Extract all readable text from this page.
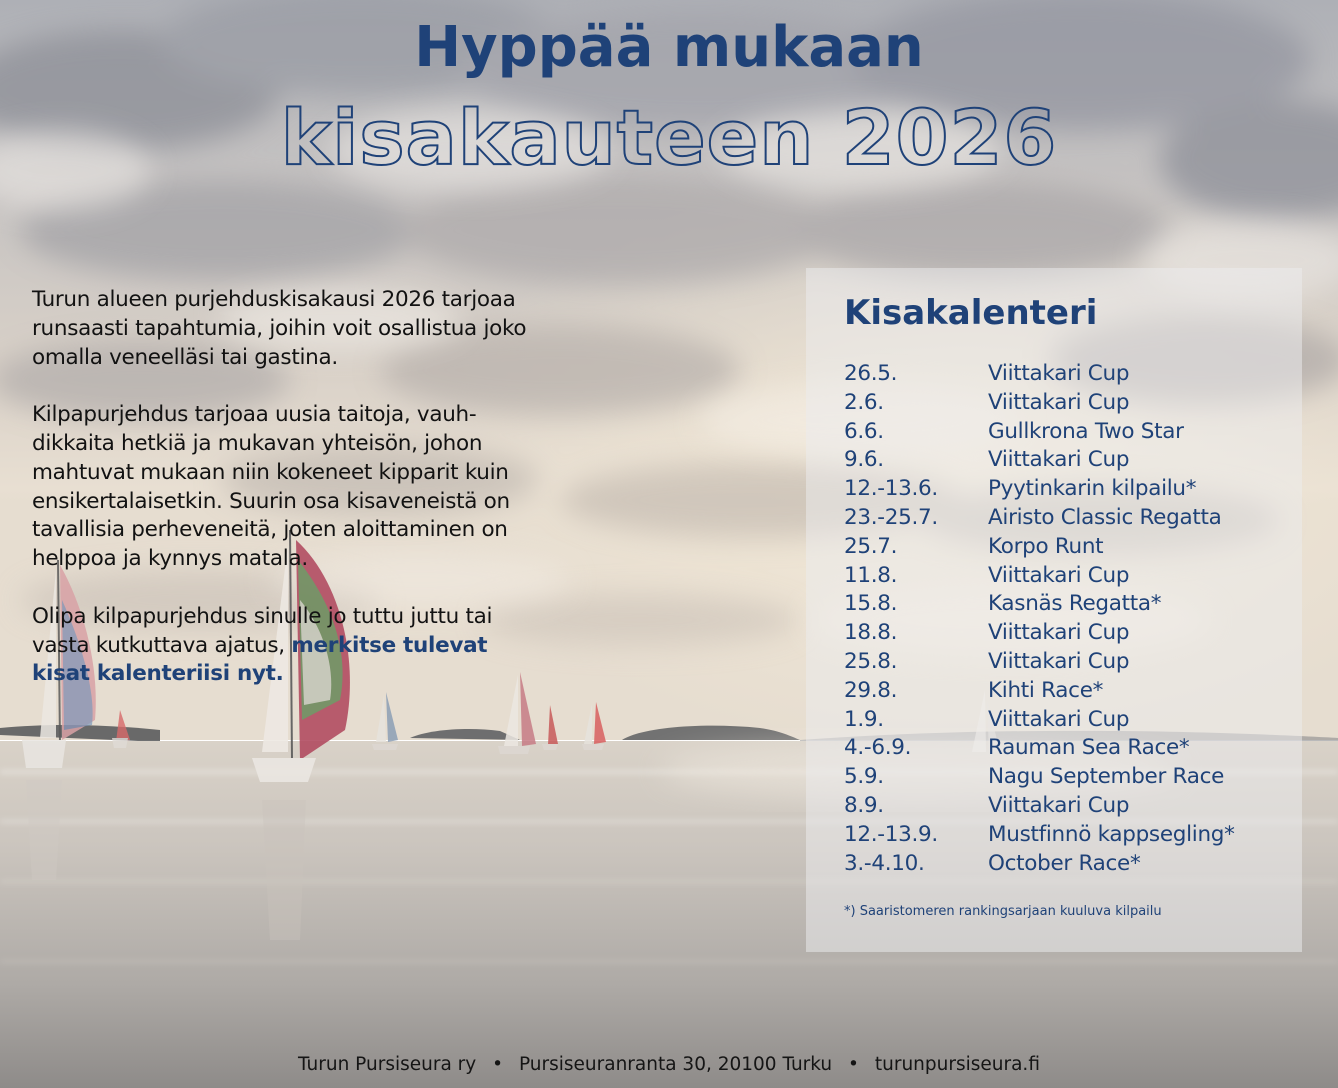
Hyppää mukaan
kisakauteen 2026

Turun alueen purjehduskisakausi 2026 tarjoaa runsaasti tapahtumia, joihin voit osallistua joko omalla veneelläsi tai gastina.

Kilpapurjehdus tarjoaa uusia taitoja, vauh-dikkaita hetkiä ja mukavan yhteisön, johon mahtuvat mukaan niin kokeneet kipparit kuin ensikertalaisetkin. Suurin osa kisaveneistä on tavallisia perheveneitä, joten aloittaminen on helppoa ja kynnys matala.

Olipa kilpapurjehdus sinulle jo tuttu juttu tai vasta kutkuttava ajatus, merkitse tulevat kisat kalenteriisi nyt.

Kisakalenteri
26.5.	Viittakari Cup
2.6.	Viittakari Cup
6.6.	Gullkrona Two Star
9.6.	Viittakari Cup
12.-13.6.	Pyytinkarin kilpailu*
23.-25.7.	Airisto Classic Regatta
25.7.	Korpo Runt
11.8.	Viittakari Cup
15.8.	Kasnäs Regatta*
18.8.	Viittakari Cup
25.8.	Viittakari Cup
29.8.	Kihti Race*
1.9.	Viittakari Cup
4.-6.9.	Rauman Sea Race*
5.9.	Nagu September Race
8.9.	Viittakari Cup
12.-13.9.	Mustfinnö kappsegling*
3.-4.10.	October Race*

*) Saaristomeren rankingsarjaan kuuluva kilpailu

Turun Pursiseura ry • Pursiseuranranta 30, 20100 Turku • turunpursiseura.fi
